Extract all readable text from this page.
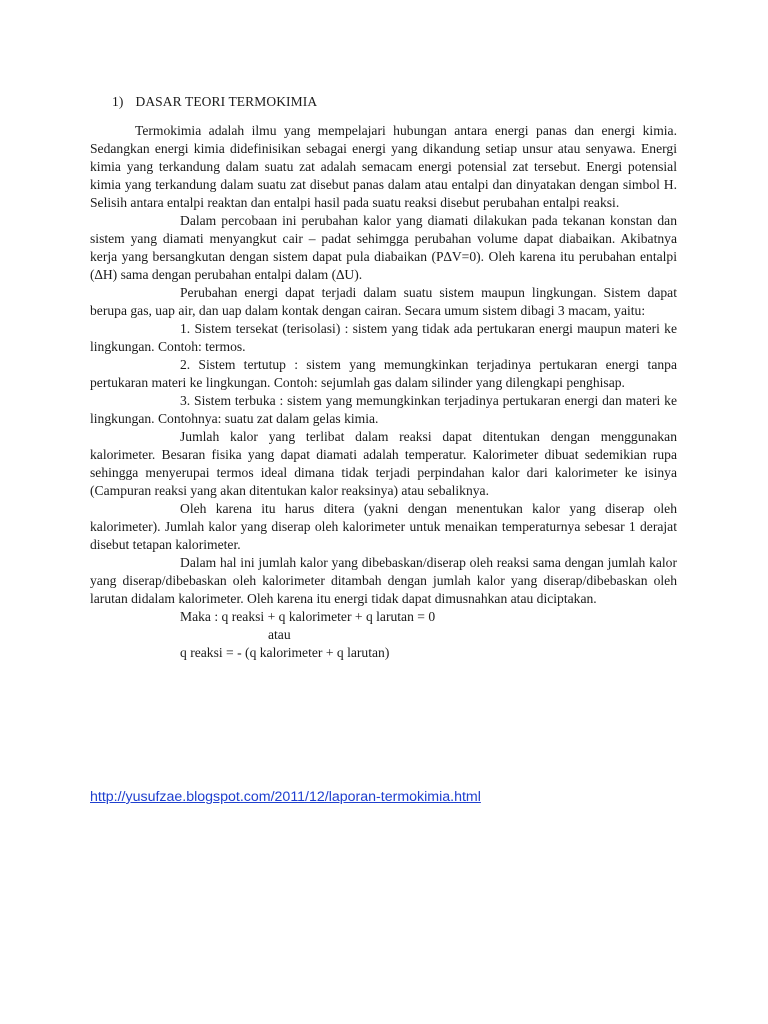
1) DASAR TEORI TERMOKIMIA

Termokimia adalah ilmu yang mempelajari hubungan antara energi panas dan energi kimia. Sedangkan energi kimia didefinisikan sebagai energi yang dikandung setiap unsur atau senyawa. Energi kimia yang terkandung dalam suatu zat adalah semacam energi potensial zat tersebut. Energi potensial kimia yang terkandung dalam suatu zat disebut panas dalam atau entalpi dan dinyatakan dengan simbol H. Selisih antara entalpi reaktan dan entalpi hasil pada suatu reaksi disebut perubahan entalpi reaksi.

Dalam percobaan ini perubahan kalor yang diamati dilakukan pada tekanan konstan dan sistem yang diamati menyangkut cair – padat sehimgga perubahan volume dapat diabaikan. Akibatnya kerja yang bersangkutan dengan sistem dapat pula diabaikan (P∆V=0). Oleh karena itu perubahan entalpi (∆H) sama dengan perubahan entalpi dalam (∆U).

Perubahan energi dapat terjadi dalam suatu sistem maupun lingkungan. Sistem dapat berupa gas, uap air, dan uap dalam kontak dengan cairan. Secara umum sistem dibagi 3 macam, yaitu:

1. Sistem tersekat (terisolasi) : sistem yang tidak ada pertukaran energi maupun materi ke lingkungan. Contoh: termos.

2. Sistem tertutup : sistem yang memungkinkan terjadinya pertukaran energi tanpa pertukaran materi ke lingkungan. Contoh: sejumlah gas dalam silinder yang dilengkapi penghisap.

3. Sistem terbuka : sistem yang memungkinkan terjadinya pertukaran energi dan materi ke lingkungan. Contohnya: suatu zat dalam gelas kimia.

Jumlah kalor yang terlibat dalam reaksi dapat ditentukan dengan menggunakan kalorimeter. Besaran fisika yang dapat diamati adalah temperatur. Kalorimeter dibuat sedemikian rupa sehingga menyerupai termos ideal dimana tidak terjadi perpindahan kalor dari kalorimeter ke isinya (Campuran reaksi yang akan ditentukan kalor reaksinya) atau sebaliknya.

Oleh karena itu harus ditera (yakni dengan menentukan kalor yang diserap oleh kalorimeter). Jumlah kalor yang diserap oleh kalorimeter untuk menaikan temperaturnya sebesar 1 derajat disebut tetapan kalorimeter.

Dalam hal ini jumlah kalor yang dibebaskan/diserap oleh reaksi sama dengan jumlah kalor yang diserap/dibebaskan oleh kalorimeter ditambah dengan jumlah kalor yang diserap/dibebaskan oleh larutan didalam kalorimeter. Oleh karena itu energi tidak dapat dimusnahkan atau diciptakan.

Maka : q reaksi + q kalorimeter + q larutan = 0

atau

q reaksi = - (q kalorimeter + q larutan)

http://yusufzae.blogspot.com/2011/12/laporan-termokimia.html
